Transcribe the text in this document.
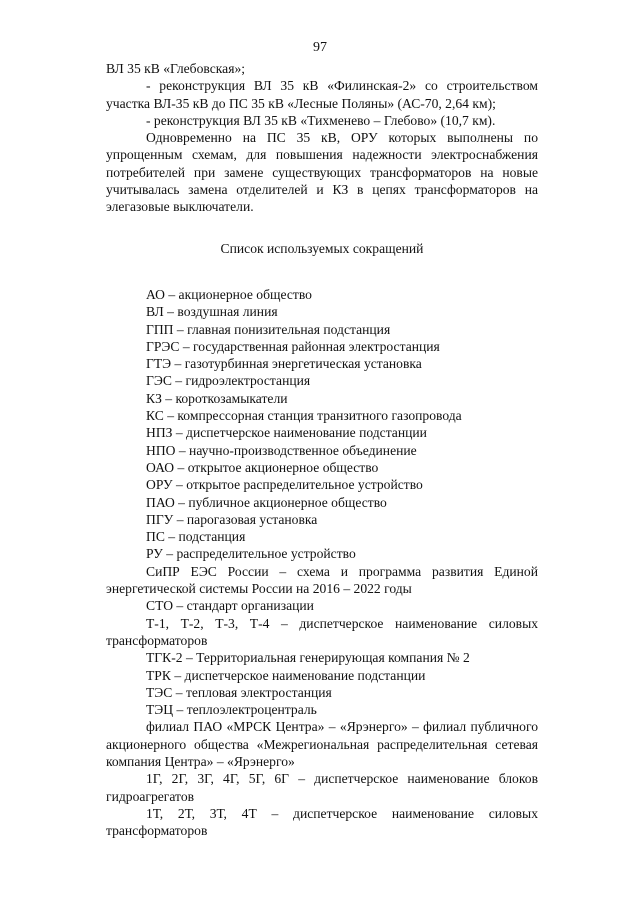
97

ВЛ 35 кВ «Глебовская»;

- реконструкция ВЛ 35 кВ «Филинская-2» со строительством участка ВЛ-35 кВ до ПС 35 кВ «Лесные Поляны» (АС-70, 2,64 км);

- реконструкция ВЛ 35 кВ «Тихменево – Глебово» (10,7 км).

Одновременно на ПС 35 кВ, ОРУ которых выполнены по упрощенным схемам, для повышения надежности электроснабжения потребителей при замене существующих трансформаторов на новые учитывалась замена отделителей и КЗ в цепях трансформаторов на элегазовые выключатели.

Список используемых сокращений

АО – акционерное общество

ВЛ – воздушная линия

ГПП – главная понизительная подстанция

ГРЭС – государственная районная электростанция

ГТЭ – газотурбинная энергетическая установка

ГЭС – гидроэлектростанция

КЗ – короткозамыкатели

КС – компрессорная станция транзитного газопровода

НПЗ – диспетчерское наименование подстанции

НПО – научно-производственное объединение

ОАО – открытое акционерное общество

ОРУ – открытое распределительное устройство

ПАО – публичное акционерное общество

ПГУ – парогазовая установка

ПС – подстанция

РУ – распределительное устройство

СиПР ЕЭС России – схема и программа развития Единой энергетической системы России на 2016 – 2022 годы

СТО – стандарт организации

Т-1, Т-2, Т-3, Т-4 – диспетчерское наименование силовых трансформаторов

ТГК-2 – Территориальная генерирующая компания № 2

ТРК – диспетчерское наименование подстанции

ТЭС – тепловая электростанция

ТЭЦ – теплоэлектроцентраль

филиал ПАО «МРСК Центра» – «Ярэнерго» – филиал публичного акционерного общества «Межрегиональная распределительная сетевая компания Центра» – «Ярэнерго»

1Г, 2Г, 3Г, 4Г, 5Г, 6Г – диспетчерское наименование блоков гидроагрегатов

1Т, 2Т, 3Т, 4Т – диспетчерское наименование силовых трансформаторов
